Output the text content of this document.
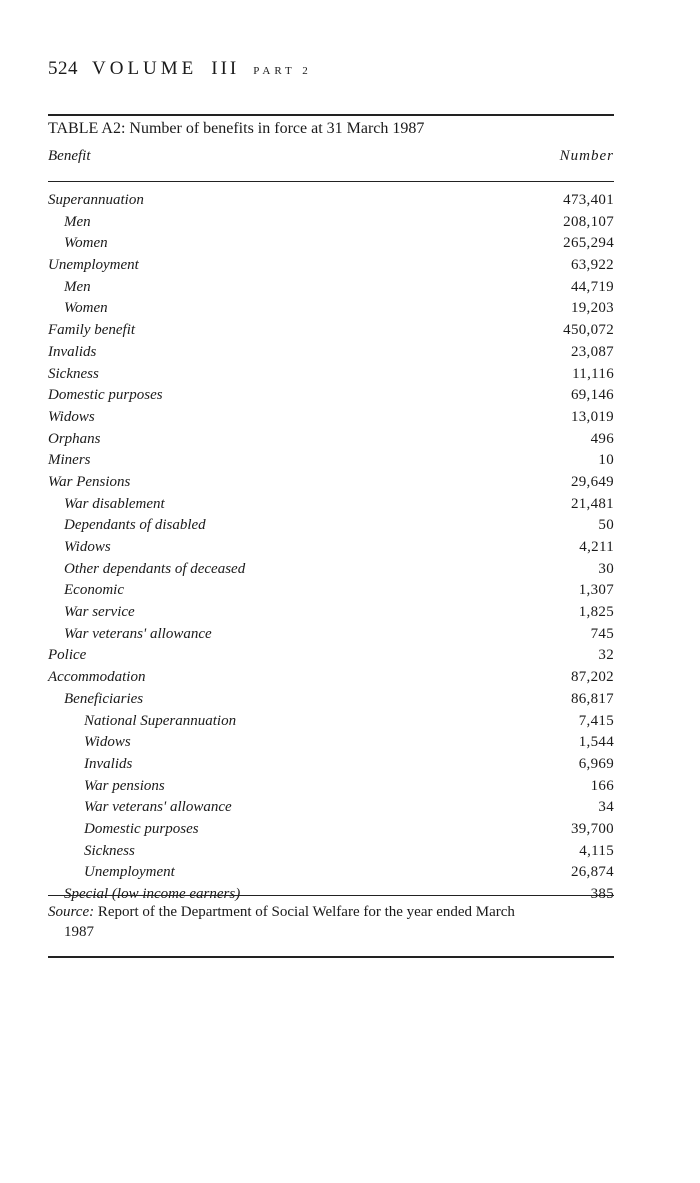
524 VOLUME III PART 2
TABLE A2: Number of benefits in force at 31 March 1987
Benefit	Number
Superannuation	473,401
Men	208,107
Women	265,294
Unemployment	63,922
Men	44,719
Women	19,203
Family benefit	450,072
Invalids	23,087
Sickness	11,116
Domestic purposes	69,146
Widows	13,019
Orphans	496
Miners	10
War Pensions	29,649
War disablement	21,481
Dependants of disabled	50
Widows	4,211
Other dependants of deceased	30
Economic	1,307
War service	1,825
War veterans' allowance	745
Police	32
Accommodation	87,202
Beneficiaries	86,817
National Superannuation	7,415
Widows	1,544
Invalids	6,969
War pensions	166
War veterans' allowance	34
Domestic purposes	39,700
Sickness	4,115
Unemployment	26,874
Special (low income earners)	385
Source: Report of the Department of Social Welfare for the year ended March
1987
